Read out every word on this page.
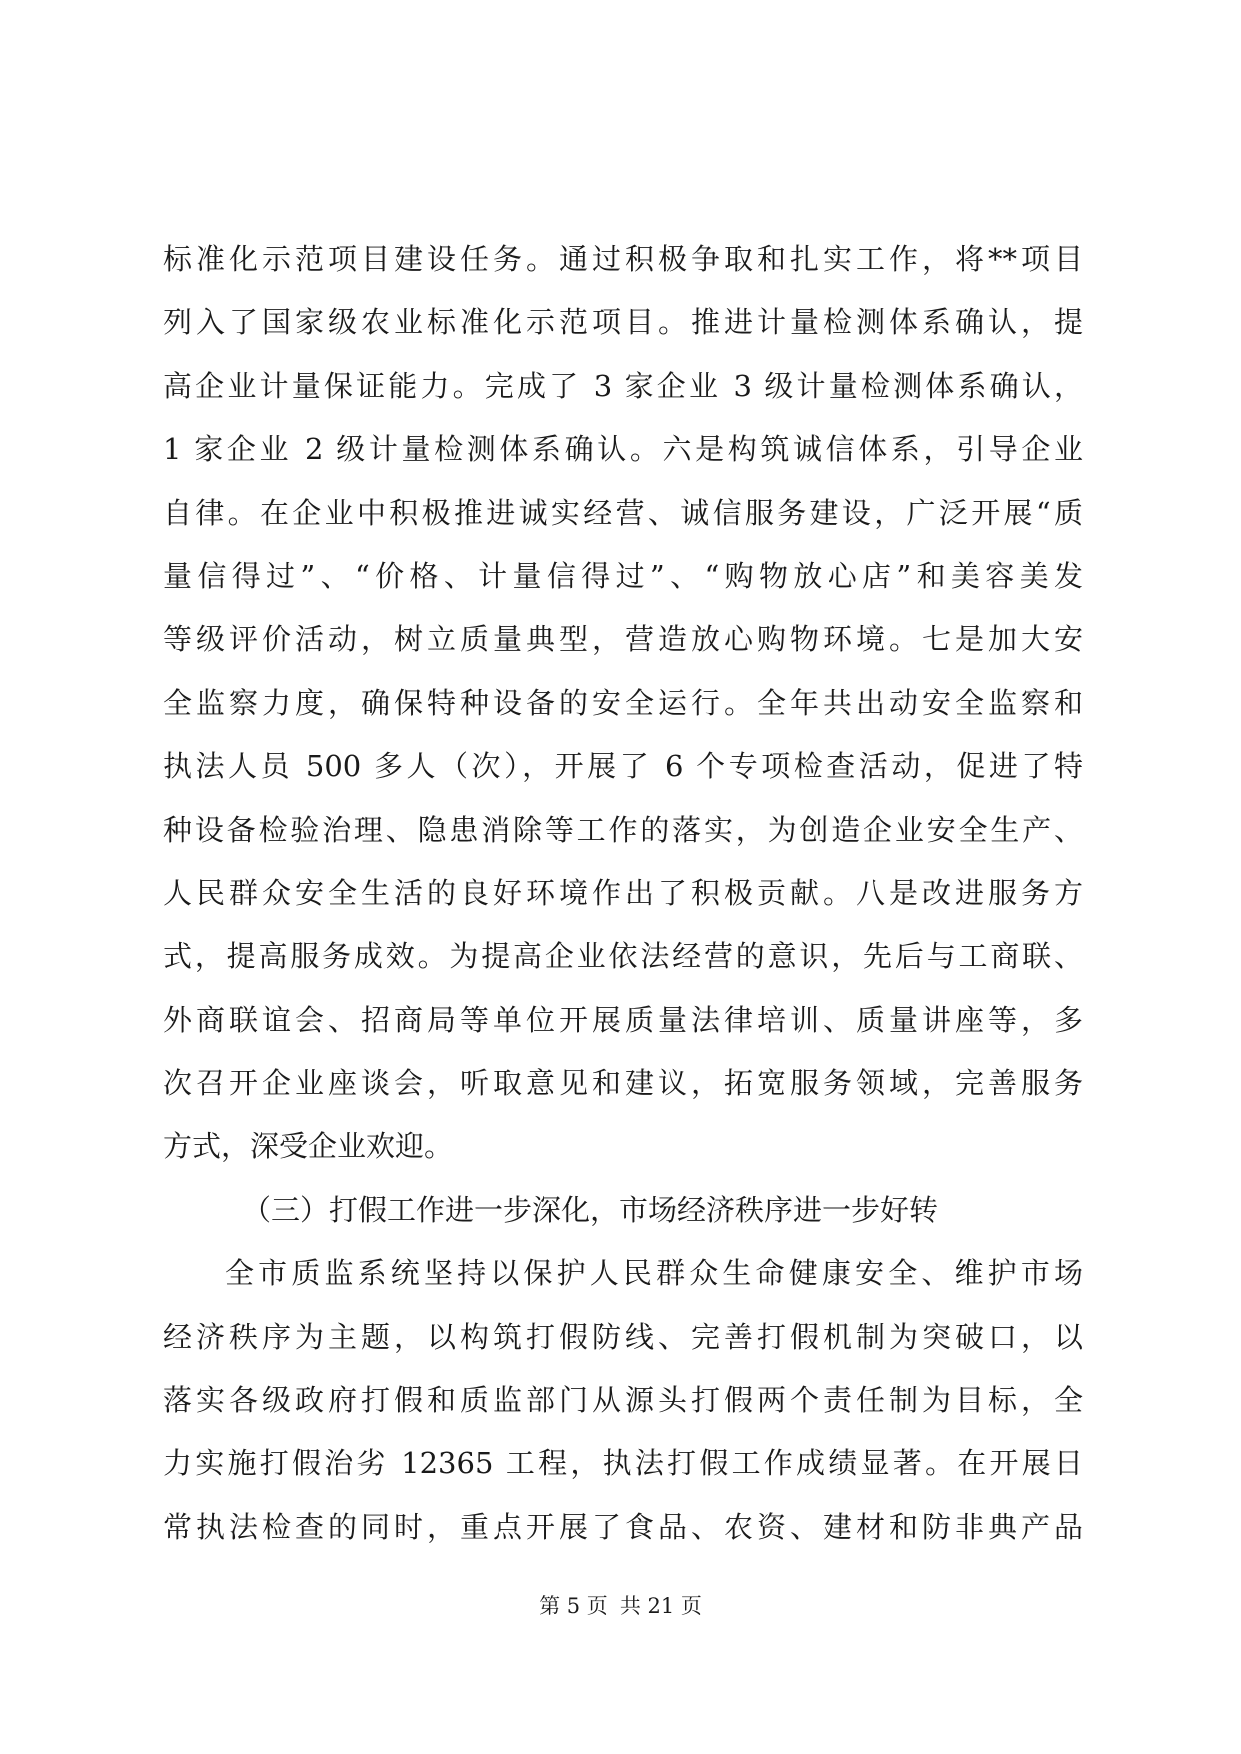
标准化示范项目建设任务。通过积极争取和扎实工作，将**项目
列入了国家级农业标准化示范项目。推进计量检测体系确认，提
高企业计量保证能力。完成了 3 家企业 3 级计量检测体系确认，
1 家企业 2 级计量检测体系确认。六是构筑诚信体系，引导企业
自律。在企业中积极推进诚实经营、诚信服务建设，广泛开展“质
量信得过”、“价格、计量信得过”、“购物放心店”和美容美发
等级评价活动，树立质量典型，营造放心购物环境。七是加大安
全监察力度，确保特种设备的安全运行。全年共出动安全监察和
执法人员 500 多人（次），开展了 6 个专项检查活动，促进了特
种设备检验治理、隐患消除等工作的落实，为创造企业安全生产、
人民群众安全生活的良好环境作出了积极贡献。八是改进服务方
式，提高服务成效。为提高企业依法经营的意识，先后与工商联、
外商联谊会、招商局等单位开展质量法律培训、质量讲座等，多
次召开企业座谈会，听取意见和建议，拓宽服务领域，完善服务
方式，深受企业欢迎。
（三）打假工作进一步深化，市场经济秩序进一步好转
全市质监系统坚持以保护人民群众生命健康安全、维护市场
经济秩序为主题，以构筑打假防线、完善打假机制为突破口，以
落实各级政府打假和质监部门从源头打假两个责任制为目标，全
力实施打假治劣 12365 工程，执法打假工作成绩显著。在开展日
常执法检查的同时，重点开展了食品、农资、建材和防非典产品
第 5 页 共 21 页
